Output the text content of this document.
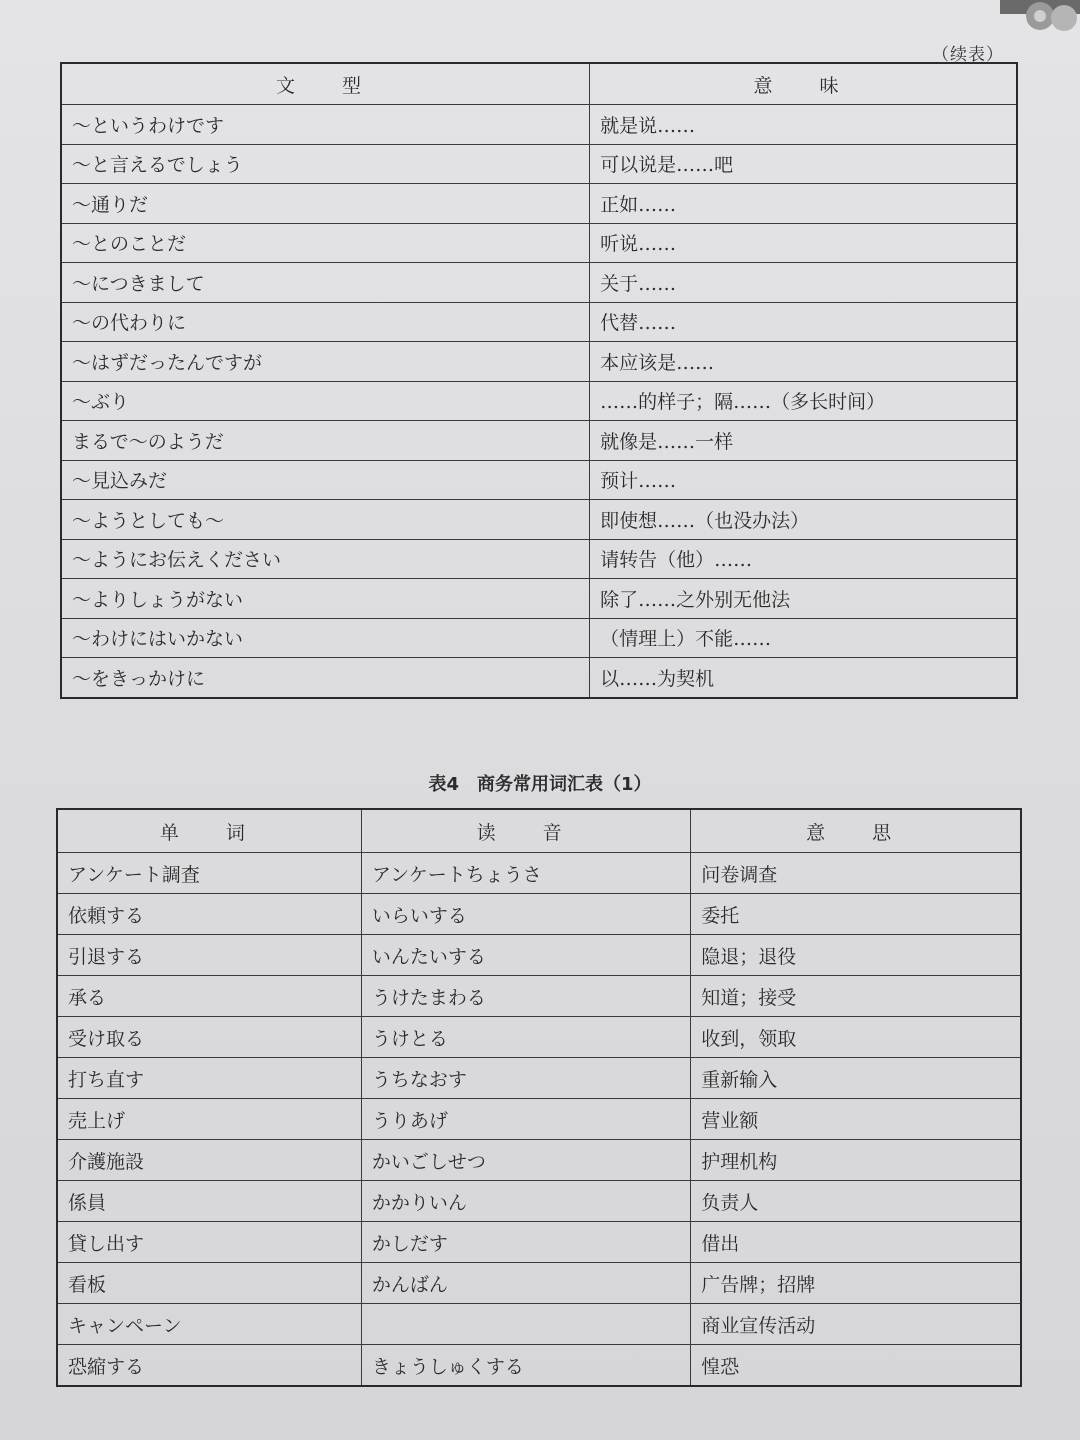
（续表）
文　型	意　味
～というわけです	就是说……
～と言えるでしょう	可以说是……吧
～通りだ	正如……
～とのことだ	听说……
～につきまして	关于……
～の代わりに	代替……
～はずだったんですが	本应该是……
～ぶり	……的样子；隔……（多长时间）
まるで～のようだ	就像是……一样
～見込みだ	预计……
～ようとしても～	即使想……（也没办法）
～ようにお伝えください	请转告（他）……
～よりしょうがない	除了……之外别无他法
～わけにはいかない	（情理上）不能……
～をきっかけに	以……为契机
表4　商务常用词汇表（1）
单　词	读　音	意　思
アンケート調査	アンケートちょうさ	问卷调查
依頼する	いらいする	委托
引退する	いんたいする	隐退；退役
承る	うけたまわる	知道；接受
受け取る	うけとる	收到，领取
打ち直す	うちなおす	重新输入
売上げ	うりあげ	营业额
介護施設	かいごしせつ	护理机构
係員	かかりいん	负责人
貸し出す	かしだす	借出
看板	かんばん	广告牌；招牌
キャンペーン		商业宣传活动
恐縮する	きょうしゅくする	惶恐
